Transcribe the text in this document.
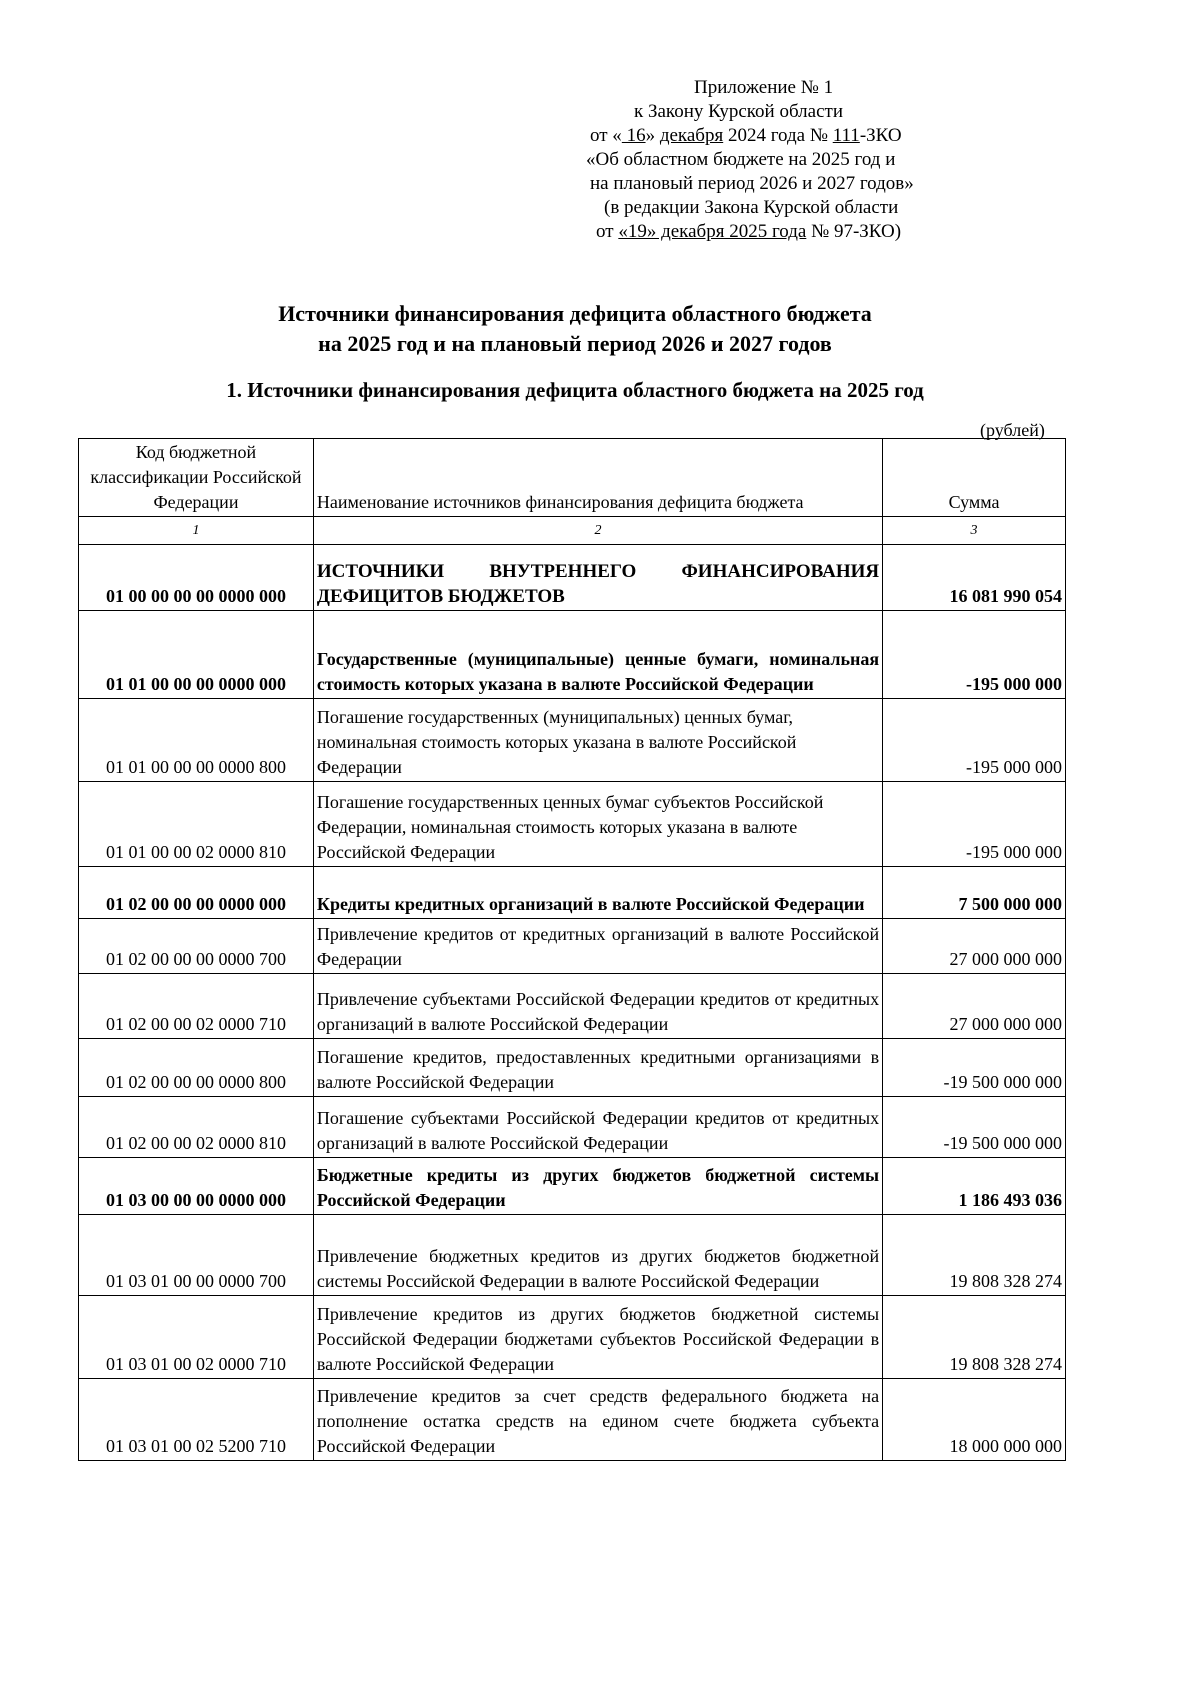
Приложение № 1
к Закону Курской области
от « 16» декабря 2024 года № 111-ЗКО
«Об областном бюджете на 2025 год и
на плановый период 2026 и 2027 годов»
(в редакции Закона Курской области
от «19» декабря 2025 года № 97-ЗКО)
Источники финансирования дефицита областного бюджета
на 2025 год и на плановый период 2026 и 2027 годов
1. Источники финансирования дефицита областного бюджета на 2025 год
(рублей)
Код бюджетной классификации Российской Федерации	Наименование источников финансирования дефицита бюджета	Сумма
1	2	3
01 00 00 00 00 0000 000	ИСТОЧНИКИ ВНУТРЕННЕГО ФИНАНСИРОВАНИЯ ДЕФИЦИТОВ БЮДЖЕТОВ	16 081 990 054
01 01 00 00 00 0000 000	Государственные (муниципальные) ценные бумаги, номинальная стоимость которых указана в валюте Российской Федерации	-195 000 000
01 01 00 00 00 0000 800	Погашение государственных (муниципальных) ценных бумаг, номинальная стоимость которых указана в валюте Российской Федерации	-195 000 000
01 01 00 00 02 0000 810	Погашение государственных ценных бумаг субъектов Российской Федерации, номинальная стоимость которых указана в валюте Российской Федерации	-195 000 000
01 02 00 00 00 0000 000	Кредиты кредитных организаций в валюте Российской Федерации	7 500 000 000
01 02 00 00 00 0000 700	Привлечение кредитов от кредитных организаций в валюте Российской Федерации	27 000 000 000
01 02 00 00 02 0000 710	Привлечение субъектами Российской Федерации кредитов от кредитных организаций в валюте Российской Федерации	27 000 000 000
01 02 00 00 00 0000 800	Погашение кредитов, предоставленных кредитными организациями в валюте Российской Федерации	-19 500 000 000
01 02 00 00 02 0000 810	Погашение субъектами Российской Федерации кредитов от кредитных организаций в валюте Российской Федерации	-19 500 000 000
01 03 00 00 00 0000 000	Бюджетные кредиты из других бюджетов бюджетной системы Российской Федерации	1 186 493 036
01 03 01 00 00 0000 700	Привлечение бюджетных кредитов из других бюджетов бюджетной системы Российской Федерации в валюте Российской Федерации	19 808 328 274
01 03 01 00 02 0000 710	Привлечение кредитов из других бюджетов бюджетной системы Российской Федерации бюджетами субъектов Российской Федерации в валюте Российской Федерации	19 808 328 274
01 03 01 00 02 5200 710	Привлечение кредитов за счет средств федерального бюджета на пополнение остатка средств на едином счете бюджета субъекта Российской Федерации	18 000 000 000
